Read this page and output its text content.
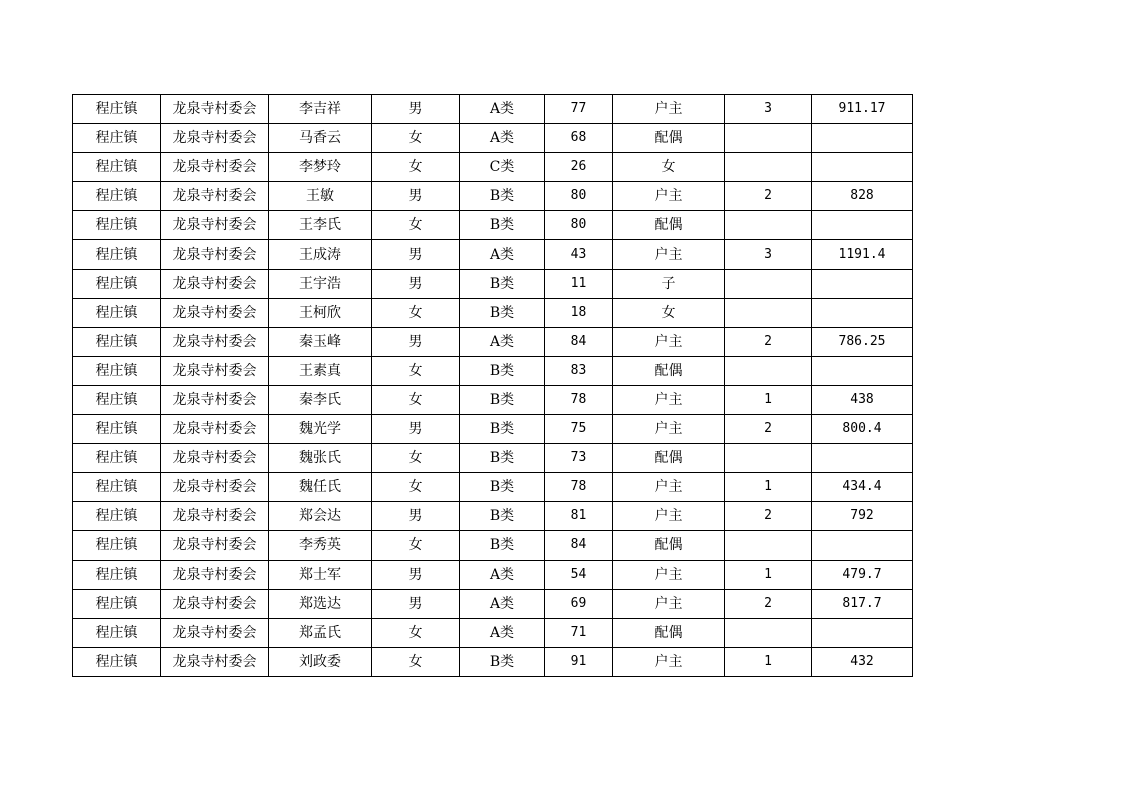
程庄镇	龙泉寺村委会	李吉祥	男	A类	77	户主	3	911.17
程庄镇	龙泉寺村委会	马香云	女	A类	68	配偶		
程庄镇	龙泉寺村委会	李梦玲	女	C类	26	女		
程庄镇	龙泉寺村委会	王敏	男	B类	80	户主	2	828
程庄镇	龙泉寺村委会	王李氏	女	B类	80	配偶		
程庄镇	龙泉寺村委会	王成涛	男	A类	43	户主	3	1191.4
程庄镇	龙泉寺村委会	王宇浩	男	B类	11	子		
程庄镇	龙泉寺村委会	王柯欣	女	B类	18	女		
程庄镇	龙泉寺村委会	秦玉峰	男	A类	84	户主	2	786.25
程庄镇	龙泉寺村委会	王素真	女	B类	83	配偶		
程庄镇	龙泉寺村委会	秦李氏	女	B类	78	户主	1	438
程庄镇	龙泉寺村委会	魏光学	男	B类	75	户主	2	800.4
程庄镇	龙泉寺村委会	魏张氏	女	B类	73	配偶		
程庄镇	龙泉寺村委会	魏任氏	女	B类	78	户主	1	434.4
程庄镇	龙泉寺村委会	郑会达	男	B类	81	户主	2	792
程庄镇	龙泉寺村委会	李秀英	女	B类	84	配偶		
程庄镇	龙泉寺村委会	郑士军	男	A类	54	户主	1	479.7
程庄镇	龙泉寺村委会	郑选达	男	A类	69	户主	2	817.7
程庄镇	龙泉寺村委会	郑孟氏	女	A类	71	配偶		
程庄镇	龙泉寺村委会	刘政委	女	B类	91	户主	1	432
